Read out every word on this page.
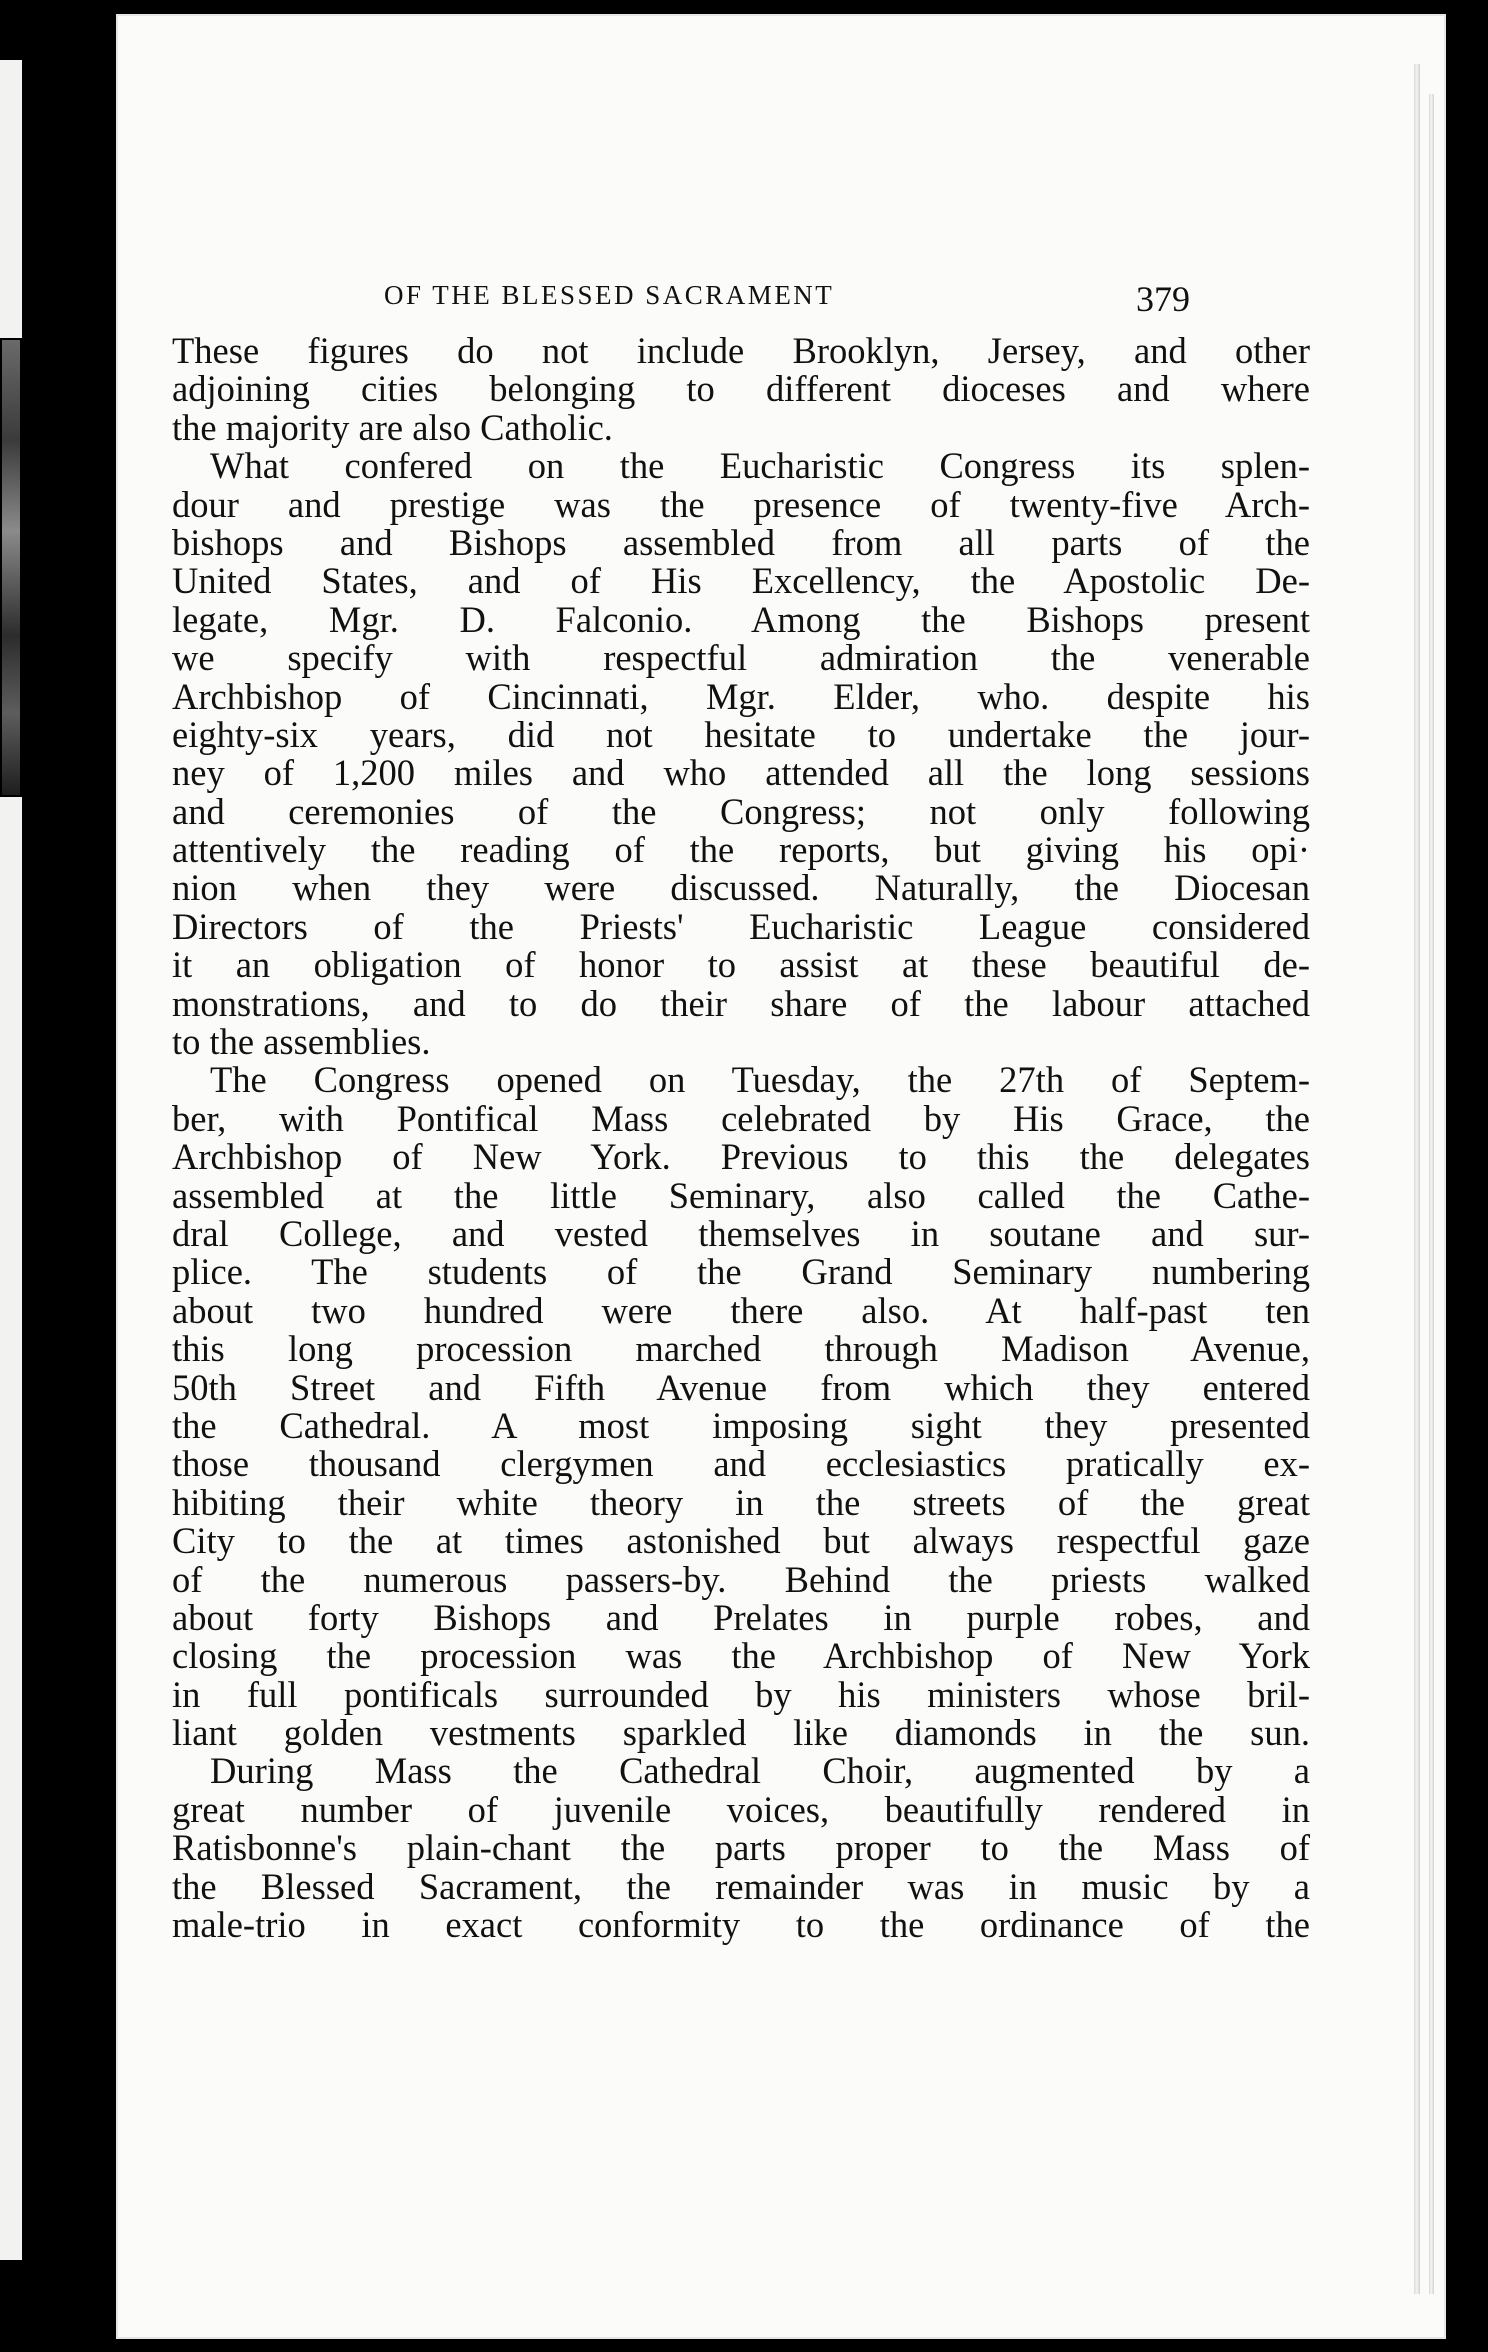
OF THE BLESSED SACRAMENT	379
These figures do not include Brooklyn, Jersey, and other
adjoining cities belonging to different dioceses and where
the majority are also Catholic.
What confered on the Eucharistic Congress its splen-
dour and prestige was the presence of twenty-five Arch-
bishops and Bishops assembled from all parts of the
United States, and of His Excellency, the Apostolic De-
legate, Mgr. D. Falconio. Among the Bishops present
we specify with respectful admiration the venerable
Archbishop of Cincinnati, Mgr. Elder, who. despite his
eighty-six years, did not hesitate to undertake the jour-
ney of 1,200 miles and who attended all the long sessions
and ceremonies of the Congress; not only following
attentively the reading of the reports, but giving his opi·
nion when they were discussed. Naturally, the Diocesan
Directors of the Priests' Eucharistic League considered
it an obligation of honor to assist at these beautiful de-
monstrations, and to do their share of the labour attached
to the assemblies.
The Congress opened on Tuesday, the 27th of Septem-
ber, with Pontifical Mass celebrated by His Grace, the
Archbishop of New York. Previous to this the delegates
assembled at the little Seminary, also called the Cathe-
dral College, and vested themselves in soutane and sur-
plice. The students of the Grand Seminary numbering
about two hundred were there also. At half-past ten
this long procession marched through Madison Avenue,
50th Street and Fifth Avenue from which they entered
the Cathedral. A most imposing sight they presented
those thousand clergymen and ecclesiastics pratically ex-
hibiting their white theory in the streets of the great
City to the at times astonished but always respectful gaze
of the numerous passers-by. Behind the priests walked
about forty Bishops and Prelates in purple robes, and
closing the procession was the Archbishop of New York
in full pontificals surrounded by his ministers whose bril-
liant golden vestments sparkled like diamonds in the sun.
During Mass the Cathedral Choir, augmented by a
great number of juvenile voices, beautifully rendered in
Ratisbonne's plain-chant the parts proper to the Mass of
the Blessed Sacrament, the remainder was in music by a
male-trio in exact conformity to the ordinance of the
